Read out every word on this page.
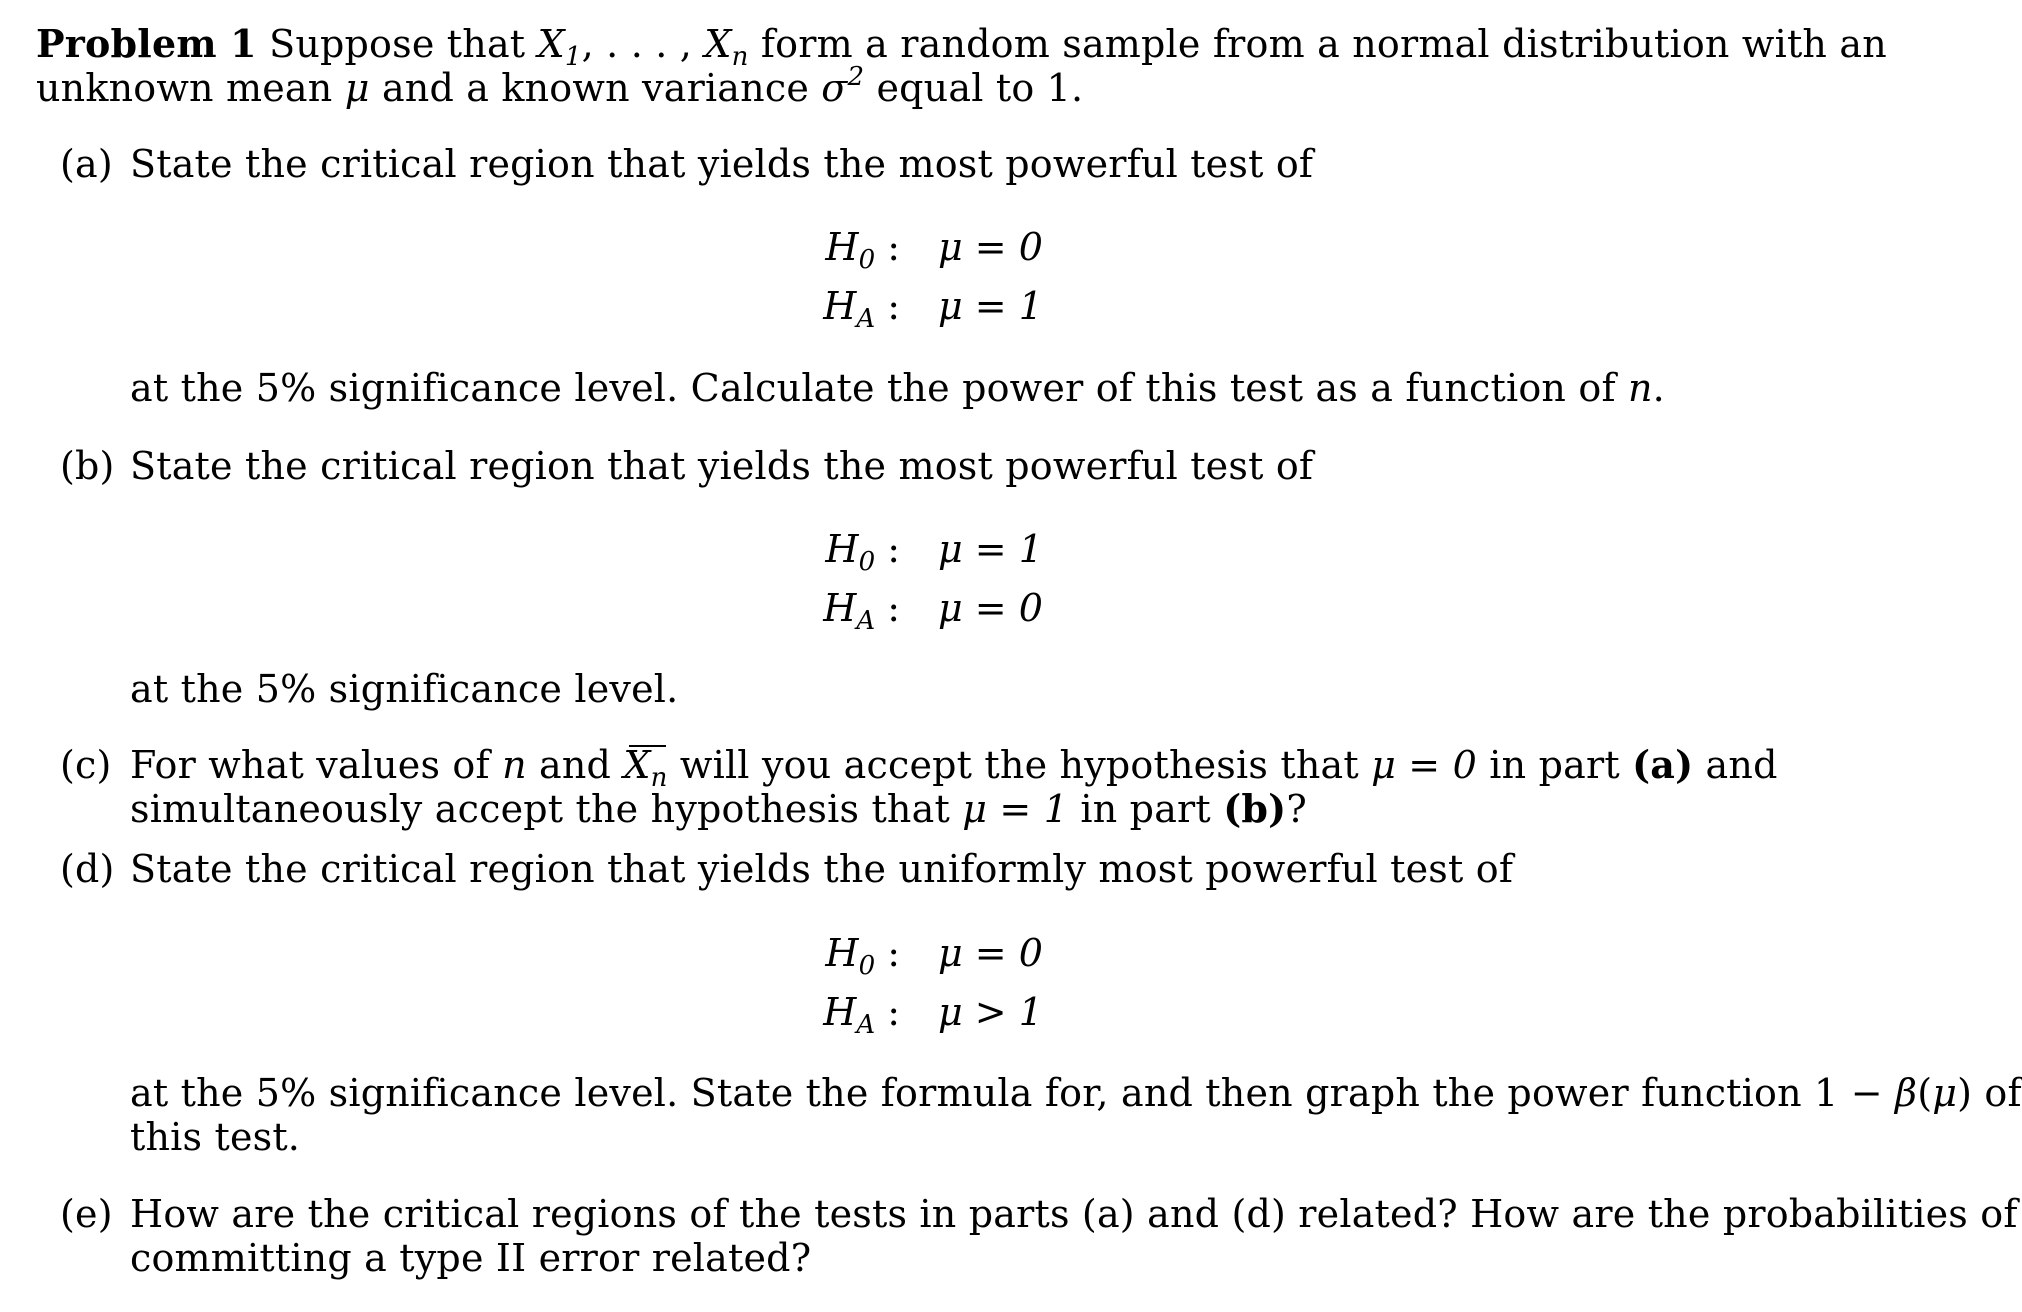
Problem 1 Suppose that $X_1$, . . . , $X_n$ form a random sample from a normal distribution with an
unknown mean μ and a known variance $\sigma^2$ equal to 1.
(a) State the critical region that yields the most powerful test of
$H_0$ : μ = 0
$H_A$ : μ = 1
at the 5% significance level. Calculate the power of this test as a function of n.
(b) State the critical region that yields the most powerful test of
$H_0$ : μ = 1
$H_A$ : μ = 0
at the 5% significance level.
(c) For what values of n and $X_n$ will you accept the hypothesis that μ = 0 in part (a) and
simultaneously accept the hypothesis that μ = 1 in part (b)?
(d) State the critical region that yields the uniformly most powerful test of
$H_0$ : μ = 0
$H_A$ : μ > 1
at the 5% significance level. State the formula for, and then graph the power function 1 − β(μ) of
this test.
(e) How are the critical regions of the tests in parts (a) and (d) related? How are the probabilities of
committing a type II error related?
